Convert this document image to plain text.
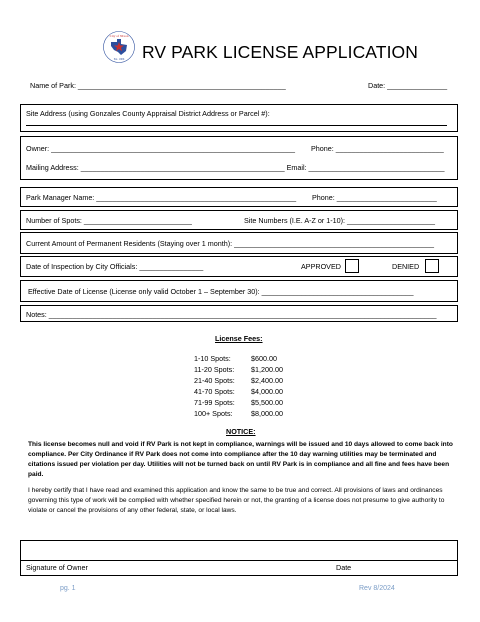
City of Nixon
Est. 1906 RV PARK LICENSE APPLICATION
Name of Park: ____________________________________________________	Date: _______________
Site Address (using Gonzales County Appraisal District Address or Parcel #):
Owner: _____________________________________________________________ Phone: ___________________________
Mailing Address: ___________________________________________________ Email: __________________________________
Park Manager Name: __________________________________________________ Phone: _________________________
Number of Spots: ___________________________	Site Numbers (I.E. A-Z or 1-10): ______________________
Current Amount of Permanent Residents (Staying over 1 month): __________________________________________________
Date of Inspection by City Officials: ________________	APPROVED	DENIED
Effective Date of License (License only valid October 1 – September 30): ______________________________________
Notes: _________________________________________________________________________________________________
License Fees:
1-10 Spots:	$600.00
11-20 Spots: $1,200.00
21-40 Spots: $2,400.00
41-70 Spots: $4,000.00
71-99 Spots: $5,500.00
100+ Spots:	$8,000.00
NOTICE:
This license becomes null and void if RV Park is not kept in compliance, warnings will be issued and 10 days allowed to come back into compliance. Per City Ordinance if RV Park does not come into compliance after the 10 day warning utilities may be terminated and citations issued per violation per day. Utilities will not be turned back on until RV Park is in compliance and all fine and fees have been paid.
I hereby certify that I have read and examined this application and know the same to be true and correct. All provisions of laws and ordinances governing this type of work will be complied with whether specified herein or not, the granting of a license does not presume to give authority to violate or cancel the provisions of any other federal, state, or local laws.
Signature of Owner	Date
pg. 1	Rev 8/2024
